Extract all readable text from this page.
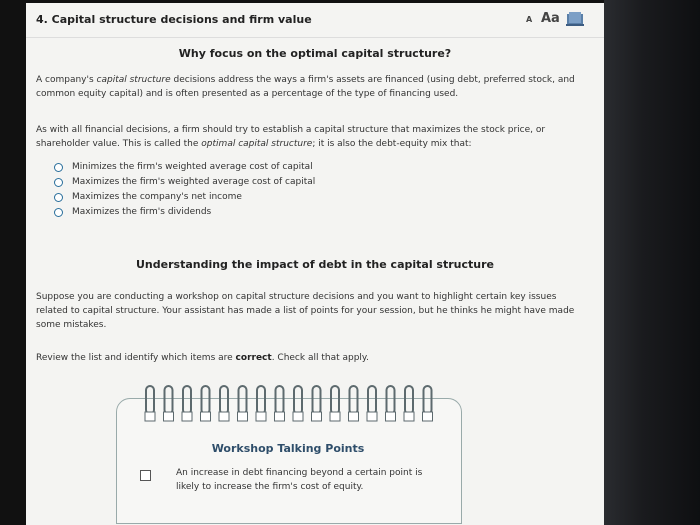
4. Capital structure decisions and firm value	A Aa
Why focus on the optimal capital structure?
A company's capital structure decisions address the ways a firm's assets are financed (using debt, preferred stock, and common equity capital) and is often presented as a percentage of the type of financing used.
As with all financial decisions, a firm should try to establish a capital structure that maximizes the stock price, or shareholder value. This is called the optimal capital structure; it is also the debt-equity mix that:
Minimizes the firm's weighted average cost of capital
Maximizes the firm's weighted average cost of capital
Maximizes the company's net income
Maximizes the firm's dividends
Understanding the impact of debt in the capital structure
Suppose you are conducting a workshop on capital structure decisions and you want to highlight certain key issues related to capital structure. Your assistant has made a list of points for your session, but he thinks he might have made some mistakes.
Review the list and identify which items are correct. Check all that apply.
Workshop Talking Points
An increase in debt financing beyond a certain point is likely to increase the firm's cost of equity.
